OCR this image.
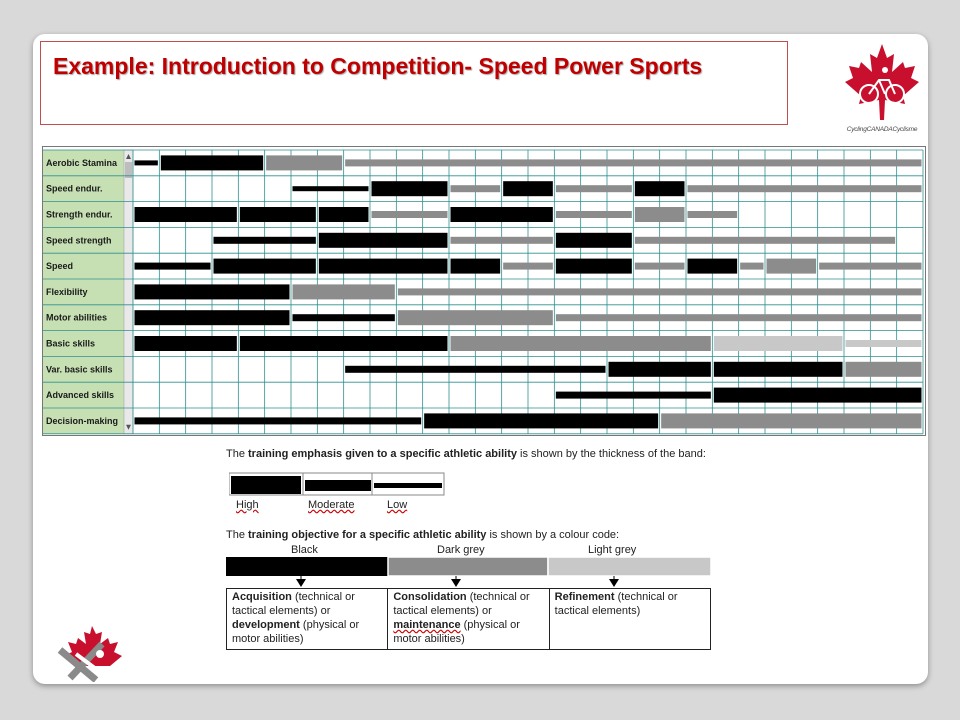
Example: Introduction to Competition- Speed Power Sports
CyclingCANADACyclisme
Aerobic Stamina
Speed endur.
Strength endur.
Speed strength
Speed
Flexibility
Motor abilities
Basic skills
Var. basic skills
Advanced skills
Decision-making
The training emphasis given to a specific athletic ability is shown by the thickness of the band:
High	Moderate	Low
The training objective for a specific athletic ability is shown by a colour code:
Black	Dark grey	Light grey
Acquisition (technical or tactical elements) or development (physical or motor abilities)
Consolidation (technical or tactical elements) or maintenance (physical or motor abilities)
Refinement (technical or tactical elements)
